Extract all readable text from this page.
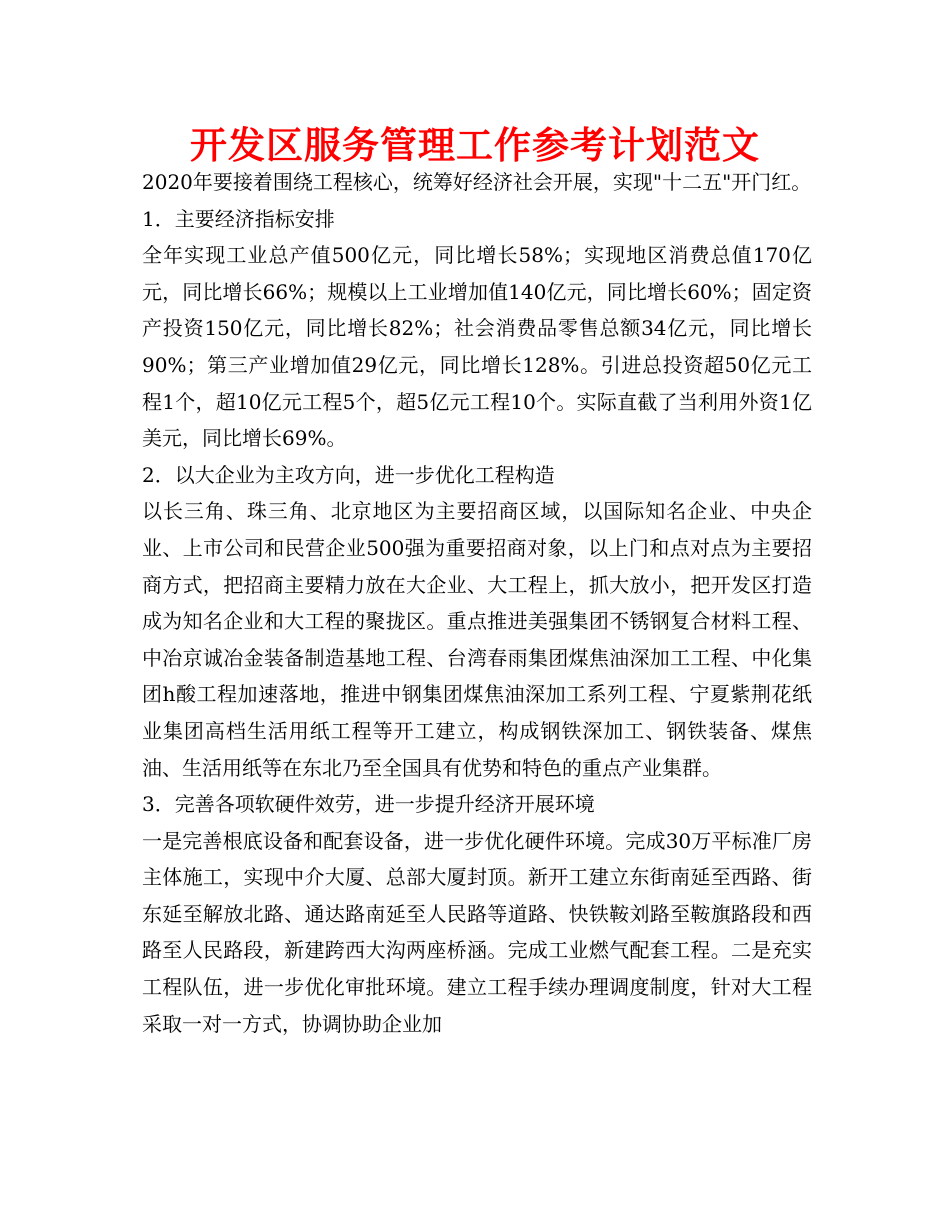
开发区服务管理工作参考计划范文

2020年要接着围绕工程核心，统筹好经济社会开展，实现"十二五"开门红。

1．主要经济指标安排

全年实现工业总产值500亿元，同比增长58%；实现地区消费总值170亿元，同比增长66%；规模以上工业增加值140亿元，同比增长60%；固定资产投资150亿元，同比增长82%；社会消费品零售总额34亿元，同比增长90%；第三产业增加值29亿元，同比增长128%。引进总投资超50亿元工程1个，超10亿元工程5个，超5亿元工程10个。实际直截了当利用外资1亿美元，同比增长69%。

2．以大企业为主攻方向，进一步优化工程构造

以长三角、珠三角、北京地区为主要招商区域，以国际知名企业、中央企业、上市公司和民营企业500强为重要招商对象，以上门和点对点为主要招商方式，把招商主要精力放在大企业、大工程上，抓大放小，把开发区打造成为知名企业和大工程的聚拢区。重点推进美强集团不锈钢复合材料工程、中冶京诚冶金装备制造基地工程、台湾春雨集团煤焦油深加工工程、中化集团h酸工程加速落地，推进中钢集团煤焦油深加工系列工程、宁夏紫荆花纸业集团高档生活用纸工程等开工建立，构成钢铁深加工、钢铁装备、煤焦油、生活用纸等在东北乃至全国具有优势和特色的重点产业集群。

3．完善各项软硬件效劳，进一步提升经济开展环境

一是完善根底设备和配套设备，进一步优化硬件环境。完成30万平标准厂房主体施工，实现中介大厦、总部大厦封顶。新开工建立东街南延至西路、街东延至解放北路、通达路南延至人民路等道路、快铁鞍刘路至鞍旗路段和西路至人民路段，新建跨西大沟两座桥涵。完成工业燃气配套工程。二是充实工程队伍，进一步优化审批环境。建立工程手续办理调度制度，针对大工程采取一对一方式，协调协助企业加
